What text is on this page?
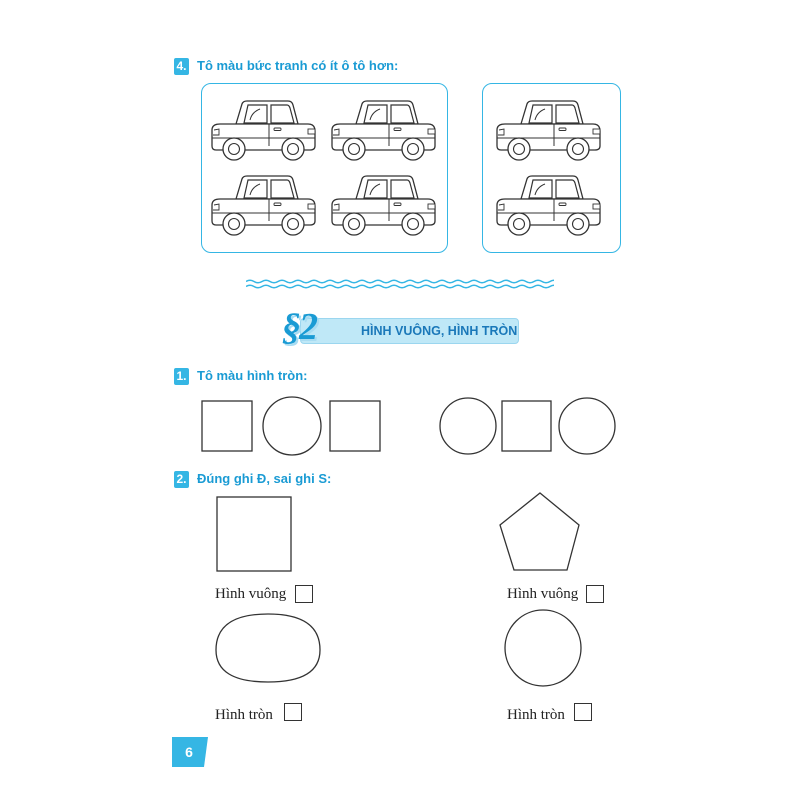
4. Tô màu bức tranh có ít ô tô hơn:
HÌNH VUÔNG, HÌNH TRÒN
§2
1. Tô màu hình tròn:
2. Đúng ghi Đ, sai ghi S:
Hình vuông	Hình vuông
Hình tròn	Hình tròn
6
